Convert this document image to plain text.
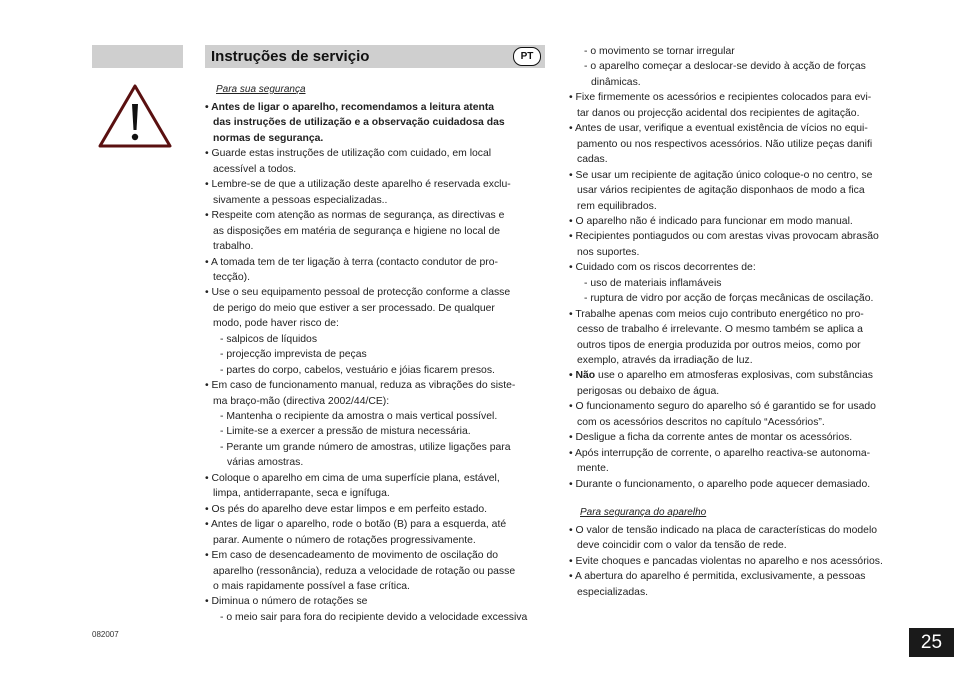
Instruções de serviçio	PT
Para sua segurança
• Antes de ligar o aparelho, recomendamos a leitura atenta
das instruções de utilização e a observação cuidadosa das
normas de segurança.
• Guarde estas instruções de utilização com cuidado, em local
acessível a todos.
• Lembre-se de que a utilização deste aparelho é reservada exclu-
sivamente a pessoas especializadas..
• Respeite com atenção as normas de segurança, as directivas e
as disposições em matéria de segurança e higiene no local de
trabalho.
• A tomada tem de ter ligação à terra (contacto condutor de pro-
tecção).
• Use o seu equipamento pessoal de protecção conforme a classe
de perigo do meio que estiver a ser processado. De qualquer
modo, pode haver risco de:
- salpicos de líquidos
- projecção imprevista de peças
- partes do corpo, cabelos, vestuário e jóias ficarem presos.
• Em caso de funcionamento manual, reduza as vibrações do siste-
ma braço-mão (directiva 2002/44/CE):
- Mantenha o recipiente da amostra o mais vertical possível.
- Limite-se a exercer a pressão de mistura necessária.
- Perante um grande número de amostras, utilize ligações para
várias amostras.
• Coloque o aparelho em cima de uma superfície plana, estável,
limpa, antiderrapante, seca e ignífuga.
• Os pés do aparelho deve estar limpos e em perfeito estado.
• Antes de ligar o aparelho, rode o botão (B) para a esquerda, até
parar. Aumente o número de rotações progressivamente.
• Em caso de desencadeamento de movimento de oscilação do
aparelho (ressonância), reduza a velocidade de rotação ou passe
o mais rapidamente possível a fase crítica.
• Diminua o número de rotações se
- o meio sair para fora do recipiente devido a velocidade excessiva
- o movimento se tornar irregular
- o aparelho começar a deslocar-se devido à acção de forças
dinâmicas.
• Fixe firmemente os acessórios e recipientes colocados para evi-
tar danos ou projecção acidental dos recipientes de agitação.
• Antes de usar, verifique a eventual existência de vícios no equi-
pamento ou nos respectivos acessórios. Não utilize peças danifi
cadas.
• Se usar um recipiente de agitação único coloque-o no centro, se
usar vários recipientes de agitação disponhaos de modo a fica
rem equilibrados.
• O aparelho não é indicado para funcionar em modo manual.
• Recipientes pontiagudos ou com arestas vivas provocam abrasão
nos suportes.
• Cuidado com os riscos decorrentes de:
- uso de materiais inflamáveis
- ruptura de vidro por acção de forças mecânicas de oscilação.
• Trabalhe apenas com meios cujo contributo energético no pro-
cesso de trabalho é irrelevante. O mesmo também se aplica a
outros tipos de energia produzida por outros meios, como por
exemplo, através da irradiação de luz.
• Não use o aparelho em atmosferas explosivas, com substâncias
perigosas ou debaixo de água.
• O funcionamento seguro do aparelho só é garantido se for usado
com os acessórios descritos no capítulo “Acessórios”.
• Desligue a ficha da corrente antes de montar os acessórios.
• Após interrupção de corrente, o aparelho reactiva-se autonoma-
mente.
• Durante o funcionamento, o aparelho pode aquecer demasiado.
Para segurança do aparelho
• O valor de tensão indicado na placa de características do modelo
deve coincidir com o valor da tensão de rede.
• Evite choques e pancadas violentas no aparelho e nos acessórios.
• A abertura do aparelho é permitida, exclusivamente, a pessoas
especializadas.
082007	25
